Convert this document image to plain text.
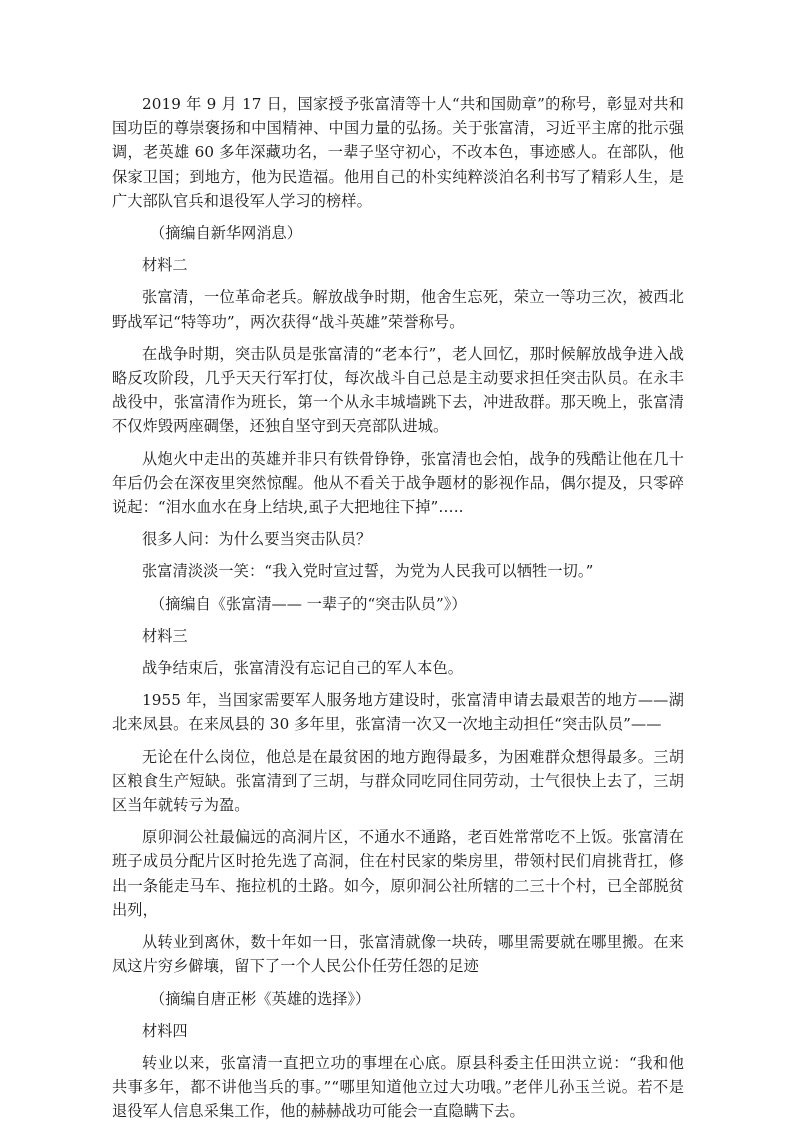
2019 年 9 月 17 日，国家授予张富清等十人“共和国勋章”的称号，彰显对共和国功臣的尊崇褒扬和中国精神、中国力量的弘扬。关于张富清，习近平主席的批示强调，老英雄 60 多年深藏功名，一辈子坚守初心，不改本色，事迹感人。在部队，他保家卫国；到地方，他为民造福。他用自己的朴实纯粹淡泊名利书写了精彩人生，是广大部队官兵和退役军人学习的榜样。

（摘编自新华网消息）

材料二

张富清，一位革命老兵。解放战争时期，他舍生忘死，荣立一等功三次，被西北野战军记“特等功”，两次获得“战斗英雄”荣誉称号。

在战争时期，突击队员是张富清的“老本行”，老人回忆，那时候解放战争进入战略反攻阶段，几乎天天行军打仗，每次战斗自己总是主动要求担任突击队员。在永丰战役中，张富清作为班长，第一个从永丰城墙跳下去，冲进敌群。那天晚上，张富清不仅炸毁两座碉堡，还独自坚守到天亮部队进城。

从炮火中走出的英雄并非只有铁骨铮铮，张富清也会怕，战争的残酷让他在几十年后仍会在深夜里突然惊醒。他从不看关于战争题材的影视作品，偶尔提及，只零碎说起：“泪水血水在身上结块,虱子大把地往下掉”…..

很多人问：为什么要当突击队员？

张富清淡淡一笑：“我入党时宣过誓，为党为人民我可以牺牲一切。”

（摘编自《张富清—— 一辈子的“突击队员”》）

材料三

战争结束后，张富清没有忘记自己的军人本色。

1955 年，当国家需要军人服务地方建设时，张富清申请去最艰苦的地方——湖北来凤县。在来凤县的 30 多年里，张富清一次又一次地主动担任“突击队员”——

无论在什么岗位，他总是在最贫困的地方跑得最多，为困难群众想得最多。三胡区粮食生产短缺。张富清到了三胡，与群众同吃同住同劳动，士气很快上去了，三胡区当年就转亏为盈。

原卯洞公社最偏远的高洞片区，不通水不通路，老百姓常常吃不上饭。张富清在班子成员分配片区时抢先选了高洞，住在村民家的柴房里，带领村民们肩挑背扛，修出一条能走马车、拖拉机的土路。如今，原卯洞公社所辖的二三十个村，已全部脱贫出列，

从转业到离休，数十年如一日，张富清就像一块砖，哪里需要就在哪里搬。在来凤这片穷乡僻壤，留下了一个人民公仆任劳任怨的足迹

（摘编自唐正彬《英雄的选择》）

材料四

转业以来，张富清一直把立功的事埋在心底。原县科委主任田洪立说：“我和他共事多年，都不讲他当兵的事。”“哪里知道他立过大功哦。”老伴儿孙玉兰说。若不是退役军人信息采集工作，他的赫赫战功可能会一直隐瞒下去。
